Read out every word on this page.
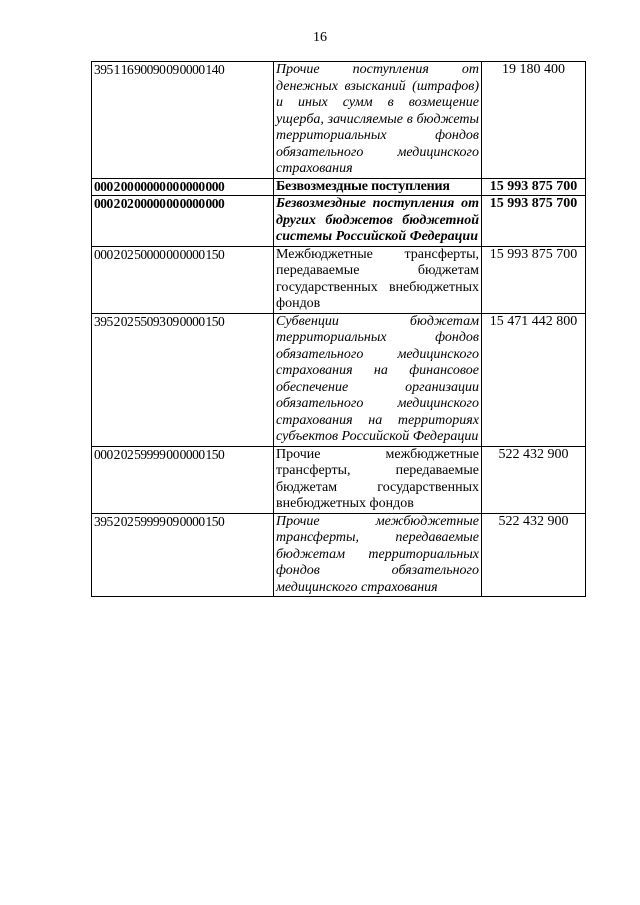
16
395 1 16 90090 09 0000 140	Прочие поступления от денежных взысканий (штрафов) и иных сумм в возмещение ущерба, зачисляемые в бюджеты территориальных фондов обязательного медицинского страхования	19 180 400
000 2 00 00000 00 0000 000	Безвозмездные поступления	15 993 875 700
000 2 02 00000 00 0000 000	Безвозмездные поступления от других бюджетов бюджетной системы Российской Федерации	15 993 875 700
000 2 02 50000 00 0000 150	Межбюджетные трансферты, передаваемые бюджетам государственных внебюджетных фондов	15 993 875 700
395 2 02 55093 09 0000 150	Субвенции бюджетам территориальных фондов обязательного медицинского страхования на финансовое обеспечение организации обязательного медицинского страхования на территориях субъектов Российской Федерации	15 471 442 800
000 2 02 59999 00 0000 150	Прочие межбюджетные трансферты, передаваемые бюджетам государственных внебюджетных фондов	522 432 900
395 2 02 59999 09 0000 150	Прочие межбюджетные трансферты, передаваемые бюджетам территориальных фондов обязательного медицинского страхования	522 432 900
